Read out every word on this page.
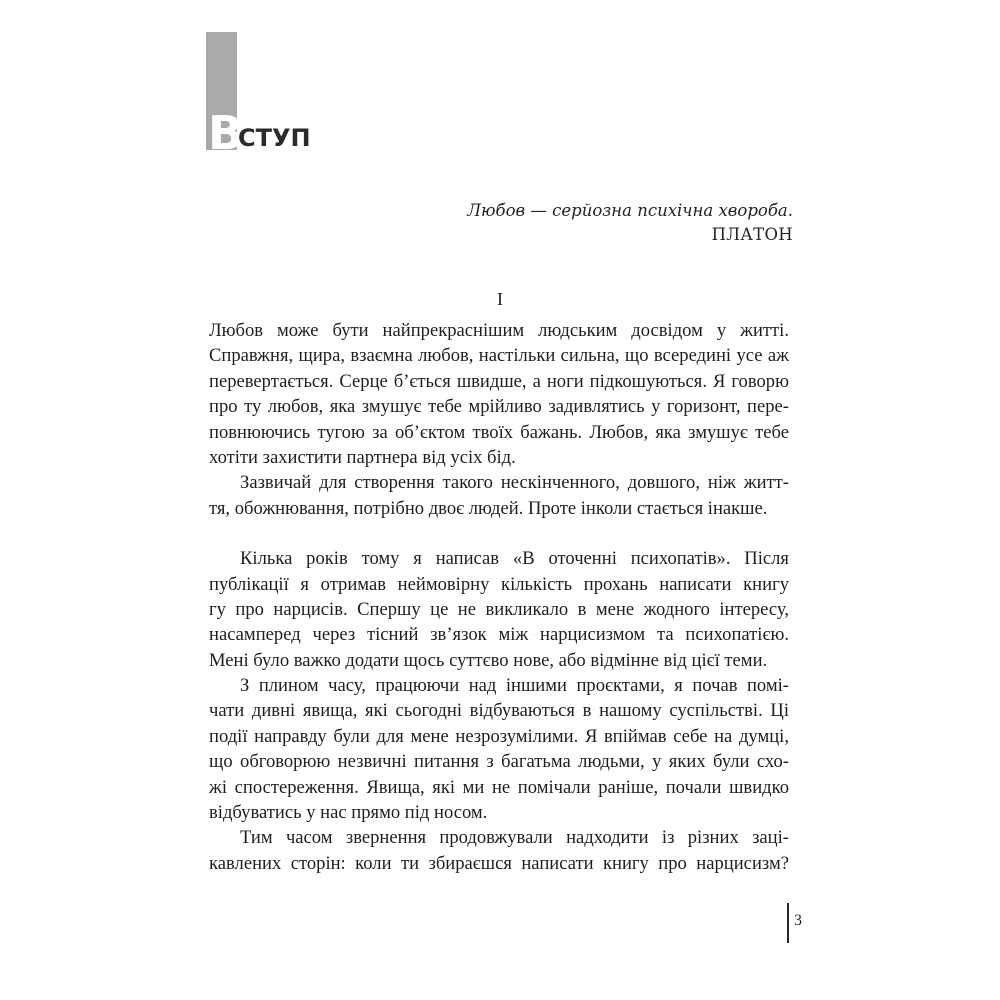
В
СТУП
Любов — серйозна психічна хвороба.
ПЛАТОН
I

Любов може бути найпрекраснішим людським досвідом у житті.
Справжня, щира, взаємна любов, настільки сильна, що всередині усе аж
перевертається. Серце б’ється швидше, а ноги підкошуються. Я говорю
про ту любов, яка змушує тебе мрійливо задивлятись у горизонт, пере-
повнюючись тугою за об’єктом твоїх бажань. Любов, яка змушує тебе
хотіти захистити партнера від усіх бід.

Зазвичай для створення такого нескінченного, довшого, ніж житт-
тя, обожнювання, потрібно двоє людей. Проте інколи стається інакше.

Кілька років тому я написав «В оточенні психопатів». Після
публікації я отримав неймовірну кількість прохань написати книгу
гу про нарцисів. Спершу це не викликало в мене жодного інтересу,
насамперед через тісний зв’язок між нарцисизмом та психопатією.
Мені було важко додати щось суттєво нове, або відмінне від цієї теми.

З плином часу, працюючи над іншими проєктами, я почав помі-
чати дивні явища, які сьогодні відбуваються в нашому суспільстві. Ці
події направду були для мене незрозумілими. Я впіймав себе на думці,
що обговорюю незвичні питання з багатьма людьми, у яких були схо-
жі спостереження. Явища, які ми не помічали раніше, почали швидко
відбуватись у нас прямо під носом.

Тим часом звернення продовжували надходити із різних заці-
кавлених сторін: коли ти збираєшся написати книгу про нарцисизм?

3
